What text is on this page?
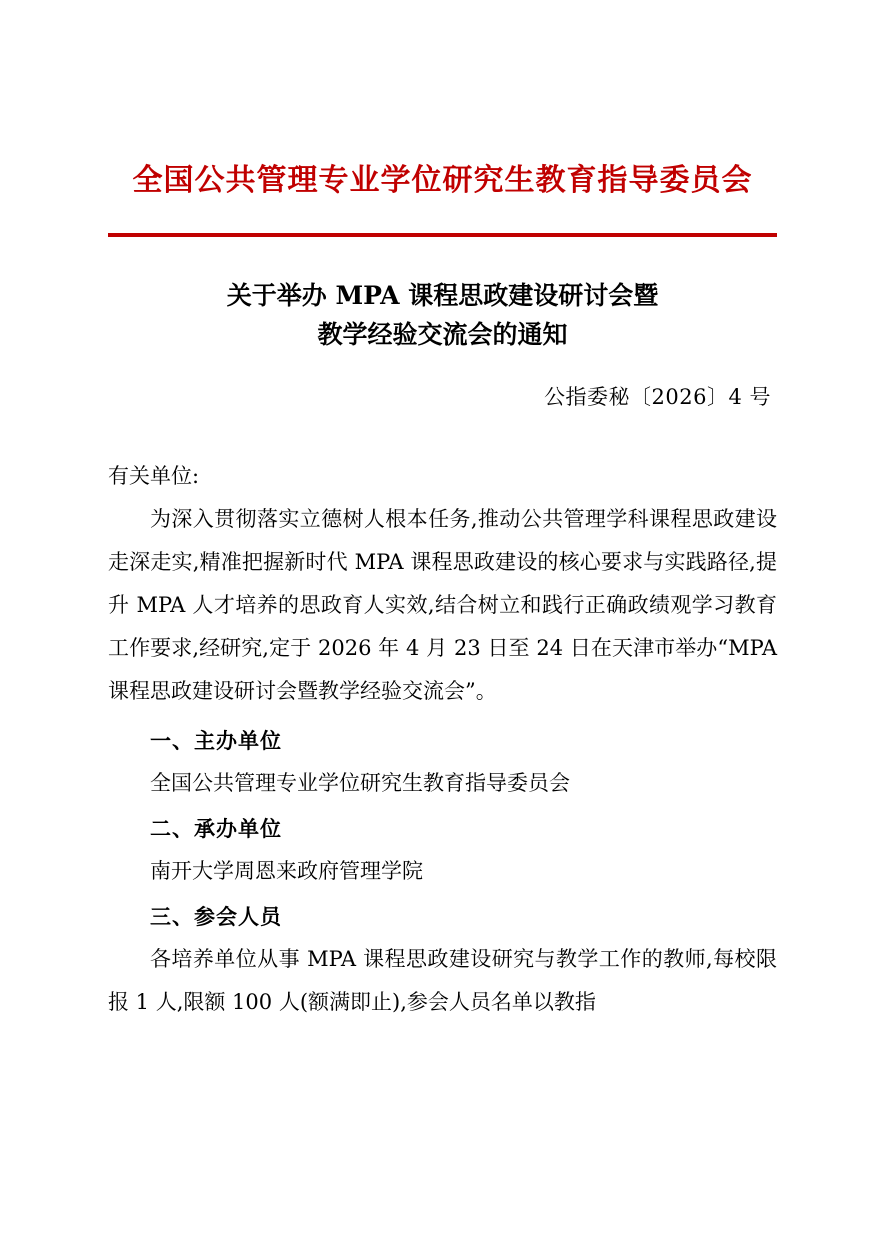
全国公共管理专业学位研究生教育指导委员会
关于举办 MPA 课程思政建设研讨会暨
教学经验交流会的通知
公指委秘〔2026〕4 号
有关单位:

为深入贯彻落实立德树人根本任务,推动公共管理学科课程思政建设走深走实,精准把握新时代 MPA 课程思政建设的核心要求与实践路径,提升 MPA 人才培养的思政育人实效,结合树立和践行正确政绩观学习教育工作要求,经研究,定于 2026 年 4 月 23 日至 24 日在天津市举办“MPA 课程思政建设研讨会暨教学经验交流会”。

一、主办单位
全国公共管理专业学位研究生教育指导委员会
二、承办单位
南开大学周恩来政府管理学院
三、参会人员

各培养单位从事 MPA 课程思政建设研究与教学工作的教师,每校限报 1 人,限额 100 人(额满即止),参会人员名单以教指
